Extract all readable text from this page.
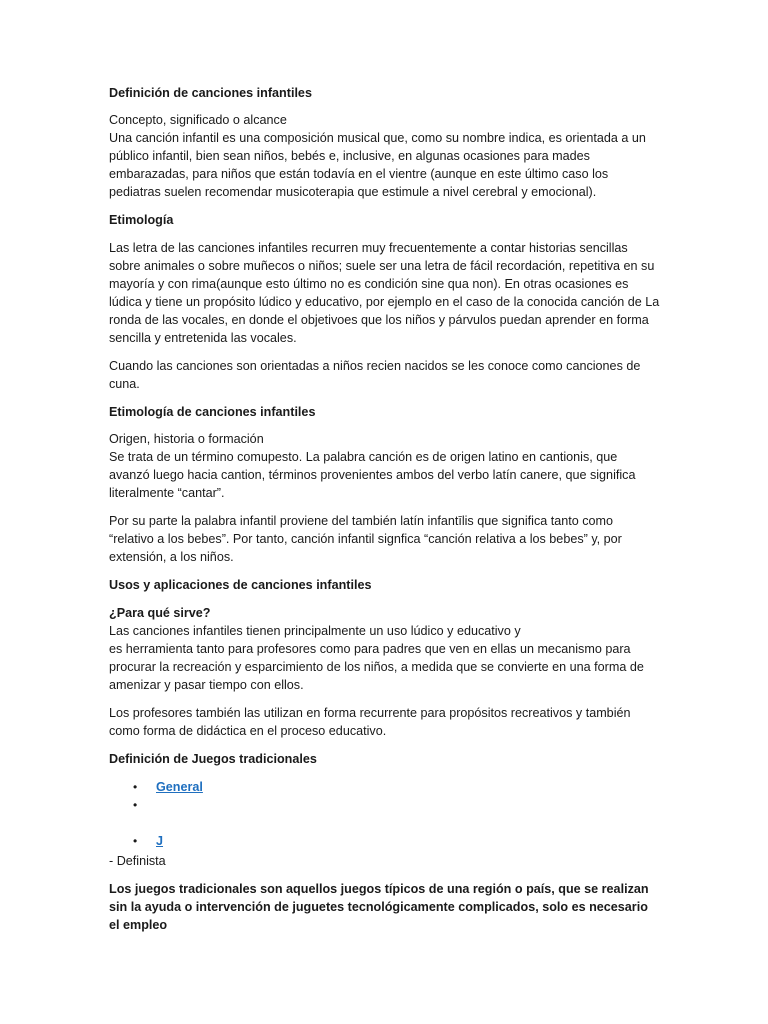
Definición de canciones infantiles

Concepto, significado o alcance
Una canción infantil es una composición musical que, como su nombre indica, es orientada a un público infantil, bien sean niños, bebés e, inclusive, en algunas ocasiones para mades embarazadas, para niños que están todavía en el vientre (aunque en este último caso los pediatras suelen recomendar musicoterapia que estimule a nivel cerebral y emocional).

Etimología

Las letra de las canciones infantiles recurren muy frecuentemente a contar historias sencillas sobre animales o sobre muñecos o niños; suele ser una letra de fácil recordación, repetitiva en su mayoría y con rima(aunque esto último no es condición sine qua non). En otras ocasiones es lúdica y tiene un propósito lúdico y educativo, por ejemplo en el caso de la conocida canción de La ronda de las vocales, en donde el objetivoes que los niños y párvulos puedan aprender en forma sencilla y entretenida las vocales.

Cuando las canciones son orientadas a niños recien nacidos se les conoce como canciones de cuna.

Etimología de canciones infantiles

Origen, historia o formación
Se trata de un término comupesto. La palabra canción es de origen latino en cantionis, que avanzó luego hacia cantion, términos provenientes ambos del verbo latín canere, que significa literalmente “cantar”.

Por su parte la palabra infantil proviene del también latín infantīlis que significa tanto como “relativo a los bebes”. Por tanto, canción infantil signfica “canción relativa a los bebes” y, por extensión, a los niños.

Usos y aplicaciones de canciones infantiles

¿Para qué sirve?
Las canciones infantiles tienen principalmente un uso lúdico y educativo y
es herramienta tanto para profesores como para padres que ven en ellas un mecanismo para procurar la recreación y esparcimiento de los niños, a medida que se convierte en una forma de amenizar y pasar tiempo con ellos.

Los profesores también las utilizan en forma recurrente para propósitos recreativos y también como forma de didáctica en el proceso educativo.

Definición de Juegos tradicionales

• General
•
• J

- Definista

Los juegos tradicionales son aquellos juegos típicos de una región o país, que se realizan sin la ayuda o intervención de juguetes tecnológicamente complicados, solo es necesario el empleo
